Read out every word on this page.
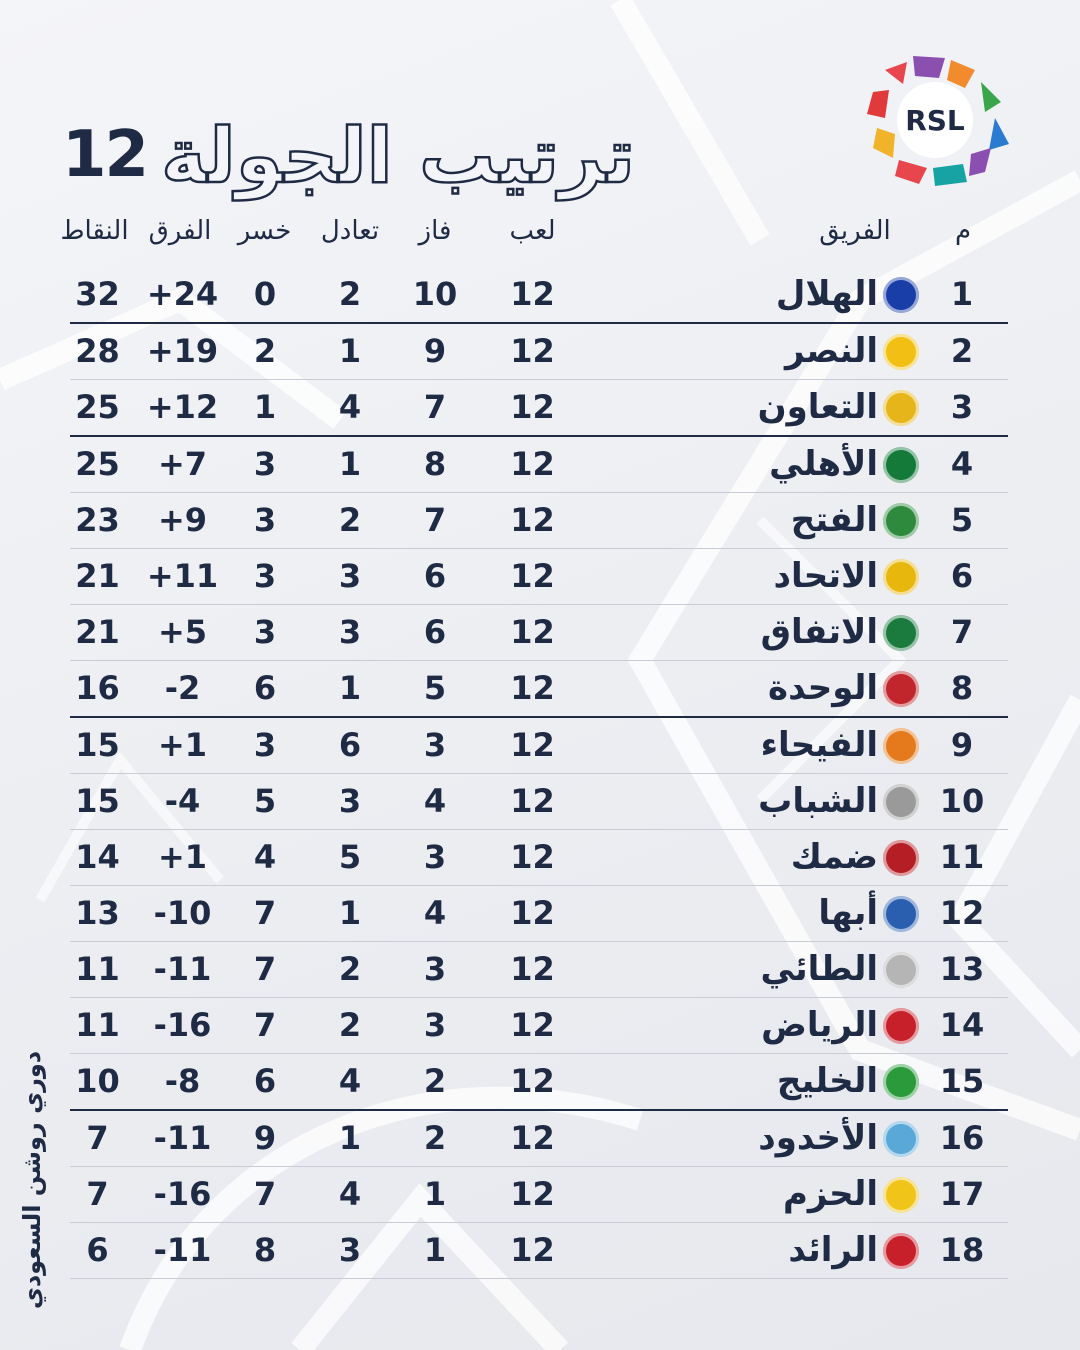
12 ترتيب الجولة	RSL
م
الفريق
لعب
فاز
تعادل
خسر
الفرق
النقاط
1
الهلال
12
10
2
0
+24
32
2
النصر
12
9
1
2
+19
28
3
التعاون
12
7
4
1
+12
25
4
الأهلي
12
8
1
3
+7
25
5
الفتح
12
7
2
3
+9
23
6
الاتحاد
12
6
3
3
+11
21
7
الاتفاق
12
6
3
3
+5
21
8
الوحدة
12
5
1
6
-2
16
9
الفيحاء
12
3
6
3
+1
15
10
الشباب
12
4
3
5
-4
15
11
ضمك
12
3
5
4
+1
14
12
أبها
12
4
1
7
-10
13
13
الطائي
12
3
2
7
-11
11
14
الرياض
12
3
2
7
-16
11
15
الخليج
12
2
4
6
-8
10
16
الأخدود
12
2
1
9
-11
7
17
الحزم
12
1
4
7
-16
7
18
الرائد
12
1
3
8
-11
6
دوري روشن السعودي
